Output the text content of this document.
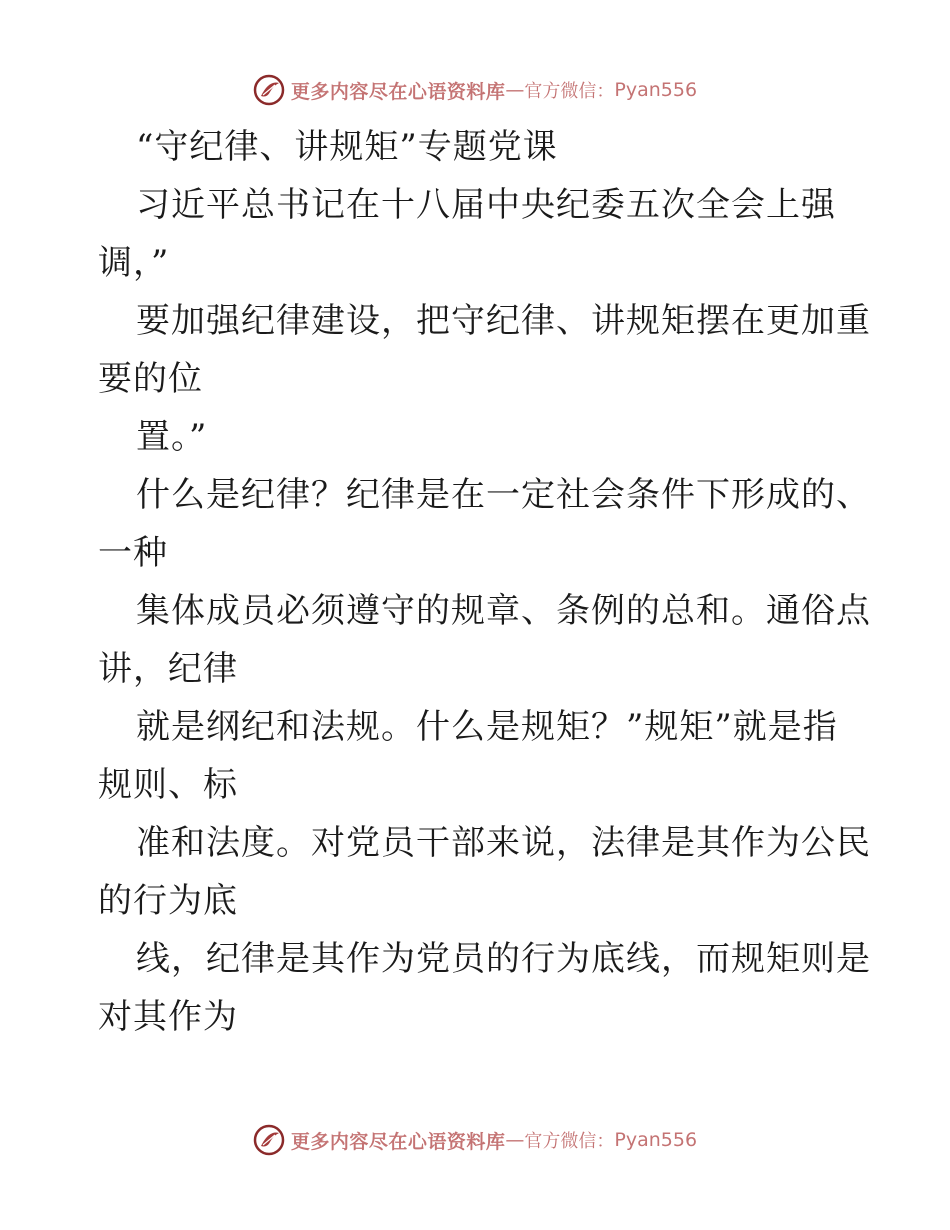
更多内容尽在心语资料库 — 官方微信： Pyan556
“守纪律、讲规矩”专题党课
习近平总书记在十八届中央纪委五次全会上强
调，”
要加强纪律建设，把守纪律、讲规矩摆在更加重
要的位
置。”
什么是纪律？纪律是在一定社会条件下形成的、
一种
集体成员必须遵守的规章、条例的总和。通俗点
讲，纪律
就是纲纪和法规。什么是规矩？”规矩”就是指
规则、标
准和法度。对党员干部来说，法律是其作为公民
的行为底
线，纪律是其作为党员的行为底线，而规矩则是
对其作为
更多内容尽在心语资料库 — 官方微信： Pyan556
